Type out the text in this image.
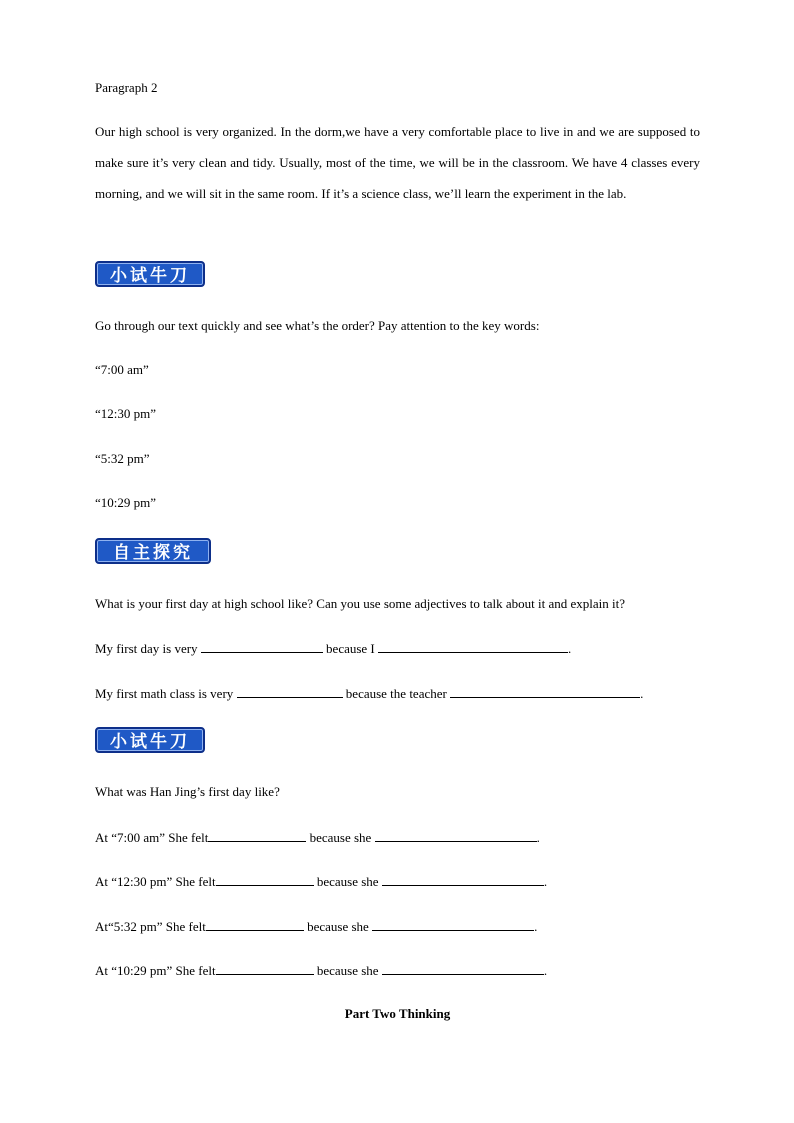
Paragraph 2
Our high school is very organized. In the dorm,we have a very comfortable place to live in and we are supposed to make sure it’s very clean and tidy. Usually, most of the time, we will be in the classroom. We have 4 classes every morning, and we will sit in the same room. If it’s a science class, we’ll learn the experiment in the lab.
小试牛刀
Go through our text quickly and see what’s the order? Pay attention to the key words:
“7:00 am”
“12:30 pm”
“5:32 pm”
“10:29 pm”
自主探究
What is your first day at high school like? Can you use some adjectives to talk about it and explain it?
My first day is very	because I	.
My first math class is very	because the teacher	.
小试牛刀
What was Han Jing’s first day like?
At “7:00 am” She felt	because she	.
At “12:30 pm” She felt	because she	.
At“5:32 pm” She felt	because she	.
At “10:29 pm” She felt	because she	.
Part Two Thinking
